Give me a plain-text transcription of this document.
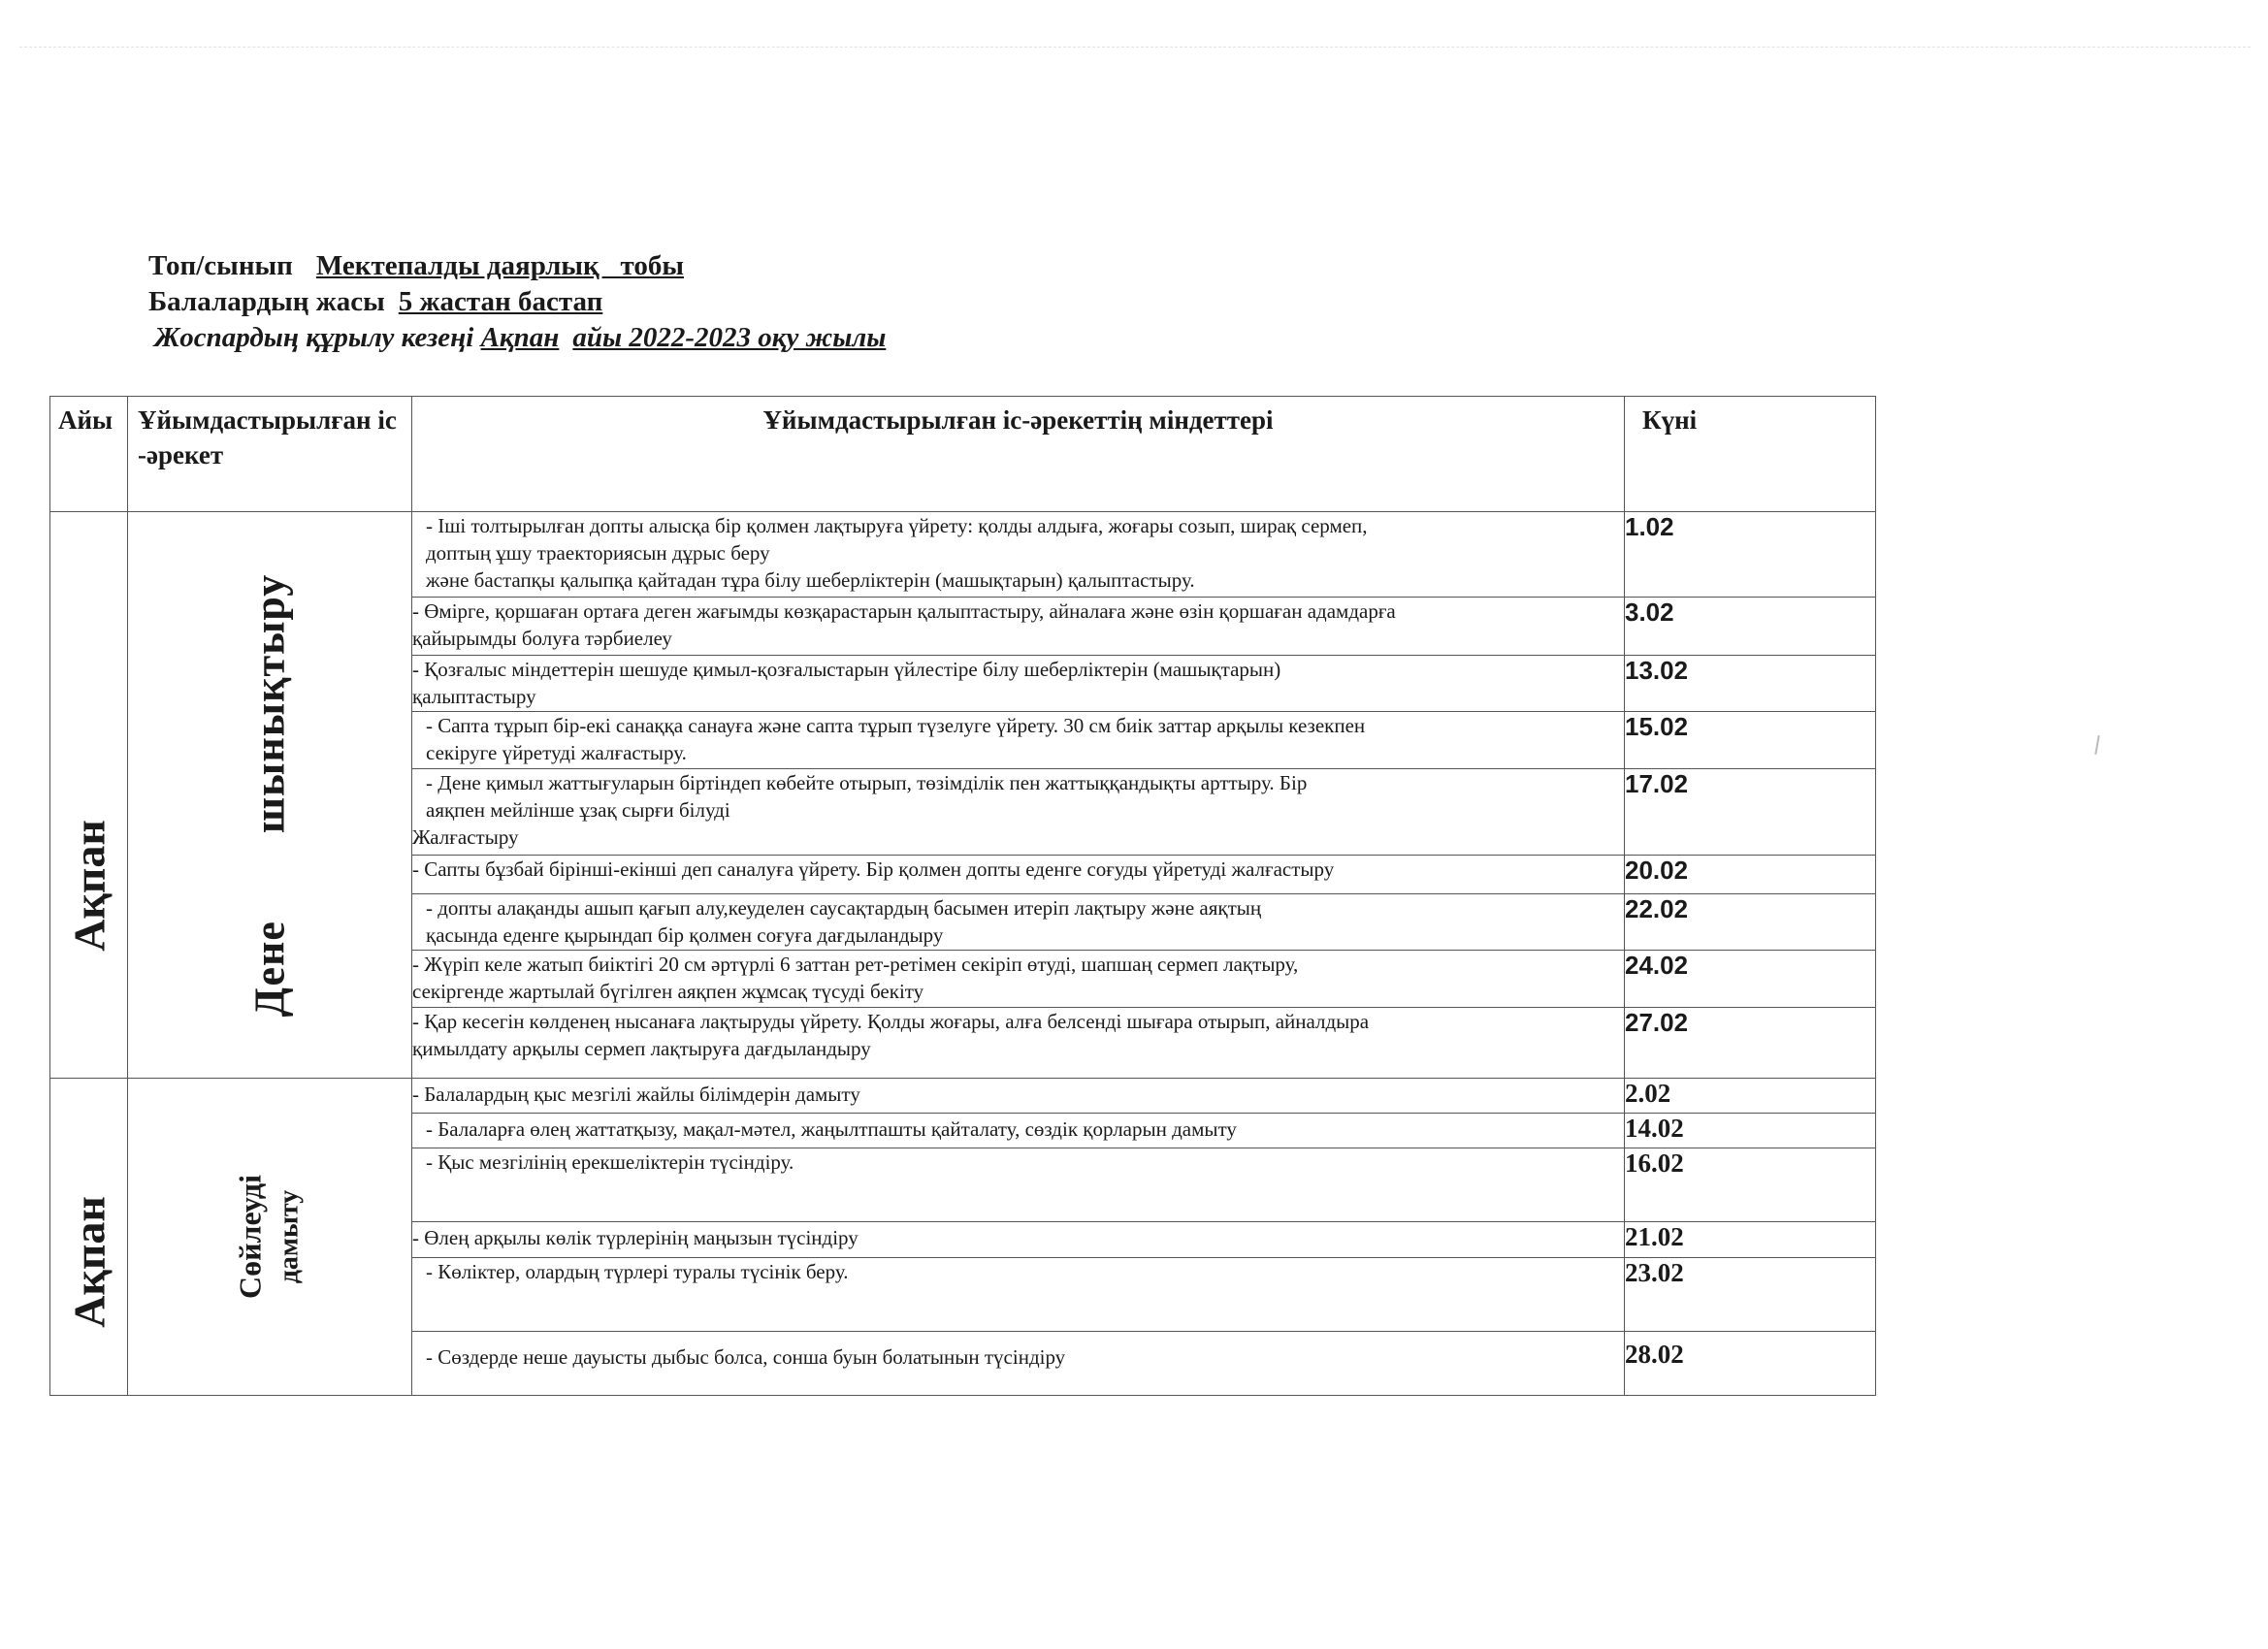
Топ/сынып Мектепалды даярлық   тобы
Балалардың жасы 5 жастан бастап
Жоспардың құрылу кезеңі Ақпан айы 2022-2023 оқу жылы
Айы	Ұйымдастырылған іс-әрекет	Ұйымдастырылған іс-әрекеттің міндеттері	Күні

Ақпан	Денешынықтыру	- Іші толтырылған допты алысқа бір қолмен лақтыруға үйрету: қолды алдыға, жоғары созып, ширақ сермеп,
доптың ұшу траекториясын дұрыс беру
және бастапқы қалыпқа қайтадан тұра білу шеберліктерін (машықтарын) қалыптастыру.	1.02

		- Өмірге, қоршаған ортаға деген жағымды көзқарастарын қалыптастыру, айналаға және өзін қоршаған адамдарға
қайырымды болуға тәрбиелеу	3.02

		- Қозғалыс міндеттерін шешуде қимыл-қозғалыстарын үйлестіре білу шеберліктерін (машықтарын)
қалыптастыру	13.02

		- Сапта тұрып бір-екі санаққа санауға және сапта тұрып түзелуге үйрету. 30 см биік заттар арқылы кезекпен
секіруге үйретуді жалғастыру.	15.02

		- Дене қимыл жаттығуларын біртіндеп көбейте отырып, төзімділік пен жаттыққандықты арттыру. Бір
аяқпен мейлінше ұзақ сырғи білуді
Жалғастыру	17.02

		- Сапты бұзбай бірінші-екінші деп саналуға үйрету. Бір қолмен допты еденге соғуды үйретуді жалғастыру	20.02

		- допты алақанды ашып қағып алу,кеуделен саусақтардың басымен итеріп лақтыру және аяқтың
қасында еденге қырындап бір қолмен соғуға дағдыландыру	22.02

		- Жүріп келе жатып биіктігі 20 см әртүрлі 6 заттан рет-ретімен секіріп өтуді, шапшаң сермеп лақтыру,
секіргенде жартылай бүгілген аяқпен жұмсақ түсуді бекіту	24.02

		- Қар кесегін көлденең нысанаға лақтыруды үйрету. Қолды жоғары, алға белсенді шығара отырып, айналдыра
қимылдату арқылы сермеп лақтыруға дағдыландыру	27.02

Ақпан	Сөйлеуді дамыту	- Балалардың қыс мезгілі жайлы білімдерін дамыту	2.02

		- Балаларға өлең жаттатқызу, мақал-мәтел, жаңылтпашты қайталату, сөздік қорларын дамыту	14.02

		- Қыс мезгілінің ерекшеліктерін түсіндіру.	16.02

		- Өлең арқылы көлік түрлерінің маңызын түсіндіру	21.02

		- Көліктер, олардың түрлері туралы түсінік беру.	23.02

		- Сөздерде неше дауысты дыбыс болса, сонша буын болатынын түсіндіру	28.02
